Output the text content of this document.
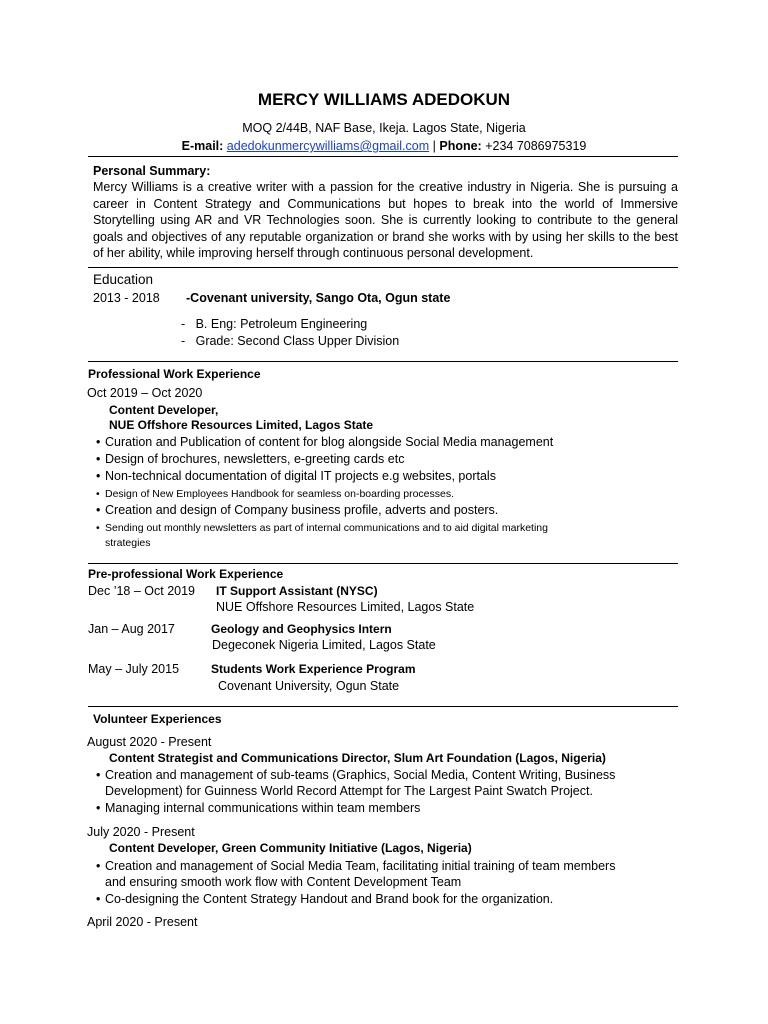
MERCY WILLIAMS ADEDOKUN
MOQ 2/44B, NAF Base, Ikeja. Lagos State, Nigeria
E-mail: adedokunmercywilliams@gmail.com | Phone: +234 7086975319
Personal Summary:
Mercy Williams is a creative writer with a passion for the creative industry in Nigeria. She is pursuing a career in Content Strategy and Communications but hopes to break into the world of Immersive Storytelling using AR and VR Technologies soon. She is currently looking to contribute to the general goals and objectives of any reputable organization or brand she works with by using her skills to the best of her ability, while improving herself through continuous personal development.
Education
2013 - 2018 -Covenant university, Sango Ota, Ogun state
-   B. Eng: Petroleum Engineering
-   Grade: Second Class Upper Division
Professional Work Experience
Oct 2019 – Oct 2020
Content Developer,
NUE Offshore Resources Limited, Lagos State
• Curation and Publication of content for blog alongside Social Media management
• Design of brochures, newsletters, e-greeting cards etc
• Non-technical documentation of digital IT projects e.g websites, portals
• Design of New Employees Handbook for seamless on-boarding processes.
• Creation and design of Company business profile, adverts and posters.
• Sending out monthly newsletters as part of internal communications and to aid digital marketing
strategies
Pre-professional Work Experience
Dec ’18 – Oct 2019 IT Support Assistant (NYSC)
NUE Offshore Resources Limited, Lagos State
Jan – Aug 2017	Geology and Geophysics Intern
Degeconek Nigeria Limited, Lagos State
May – July 2015	Students Work Experience Program
Covenant University, Ogun State
Volunteer Experiences
August 2020 - Present
Content Strategist and Communications Director, Slum Art Foundation (Lagos, Nigeria)
• Creation and management of sub-teams (Graphics, Social Media, Content Writing, Business
Development) for Guinness World Record Attempt for The Largest Paint Swatch Project.
• Managing internal communications within team members
July 2020 - Present
Content Developer, Green Community Initiative (Lagos, Nigeria)
• Creation and management of Social Media Team, facilitating initial training of team members
and ensuring smooth work flow with Content Development Team
• Co-designing the Content Strategy Handout and Brand book for the organization.
April 2020 - Present
